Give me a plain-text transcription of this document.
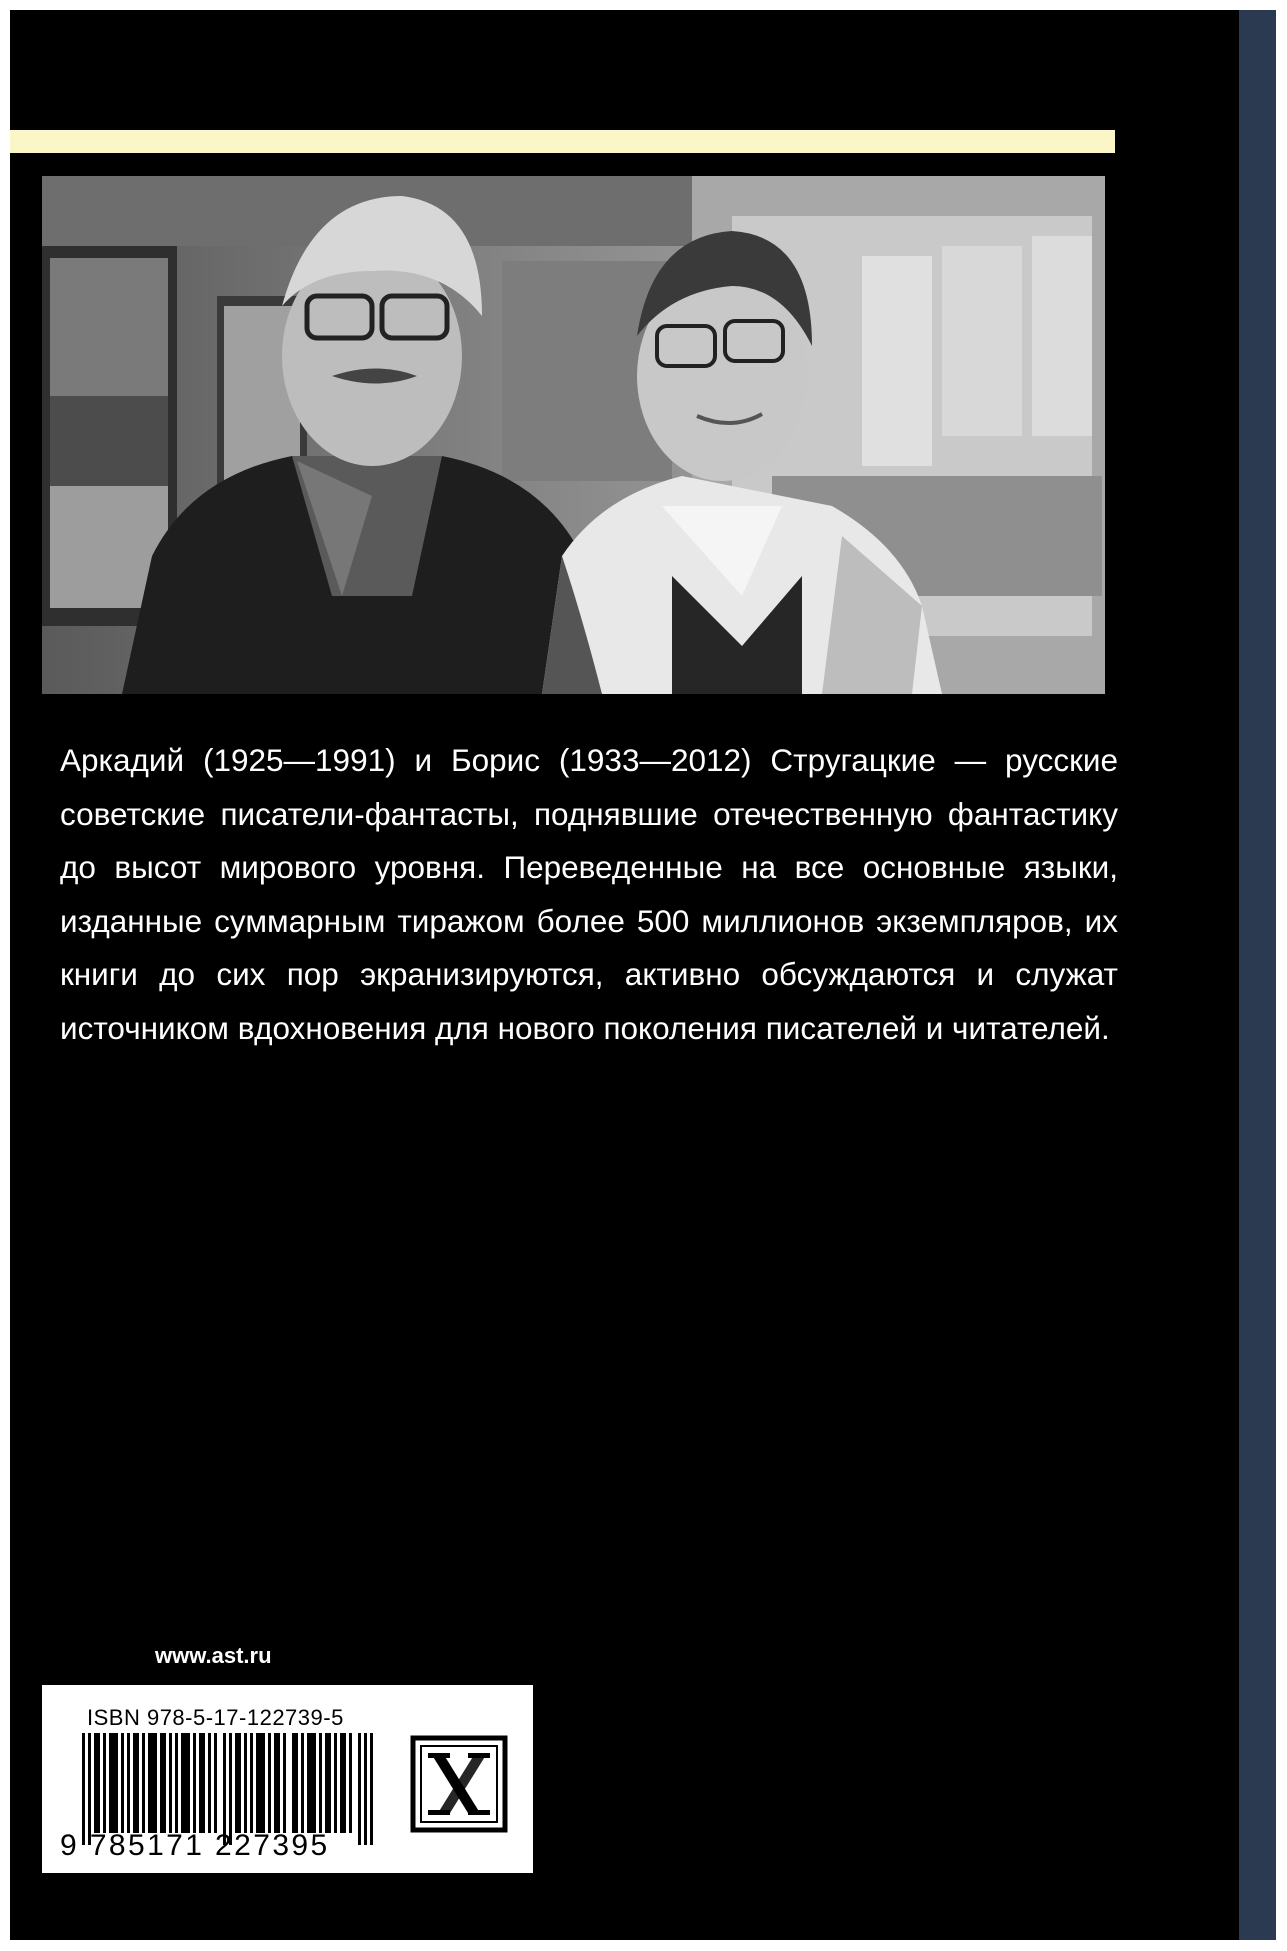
Аркадий (1925—1991) и Борис (1933—2012) Стругацкие — русские советские писатели-фантасты, поднявшие отечественную фантастику до высот мирового уровня. Переведенные на все основные языки, изданные суммарным тиражом более 500 миллионов экземпляров, их книги до сих пор экранизируются, активно обсуждаются и служат источником вдохновения для нового поколения писателей и читателей.

www.ast.ru
ISBN 978-5-17-122739-5
9 785171 227395
